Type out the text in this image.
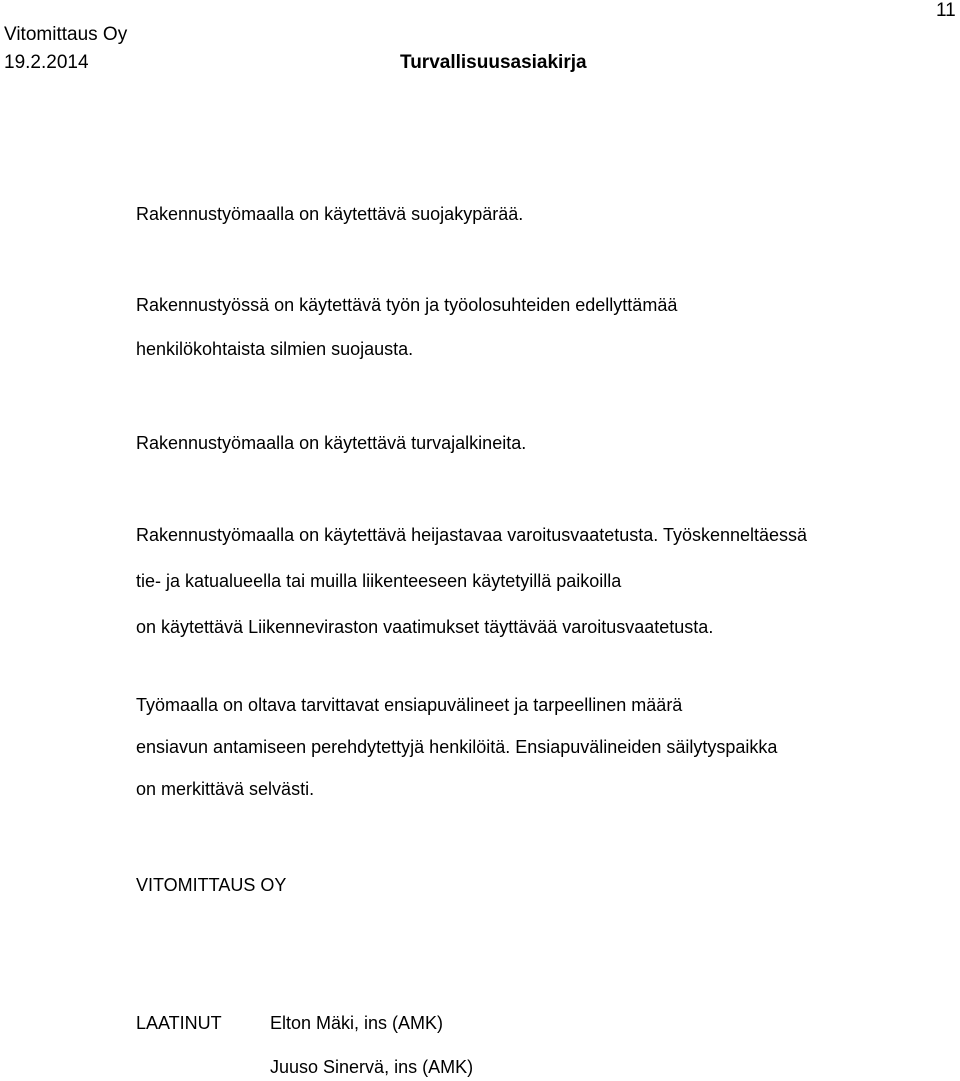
Vitomittaus Oy
19.2.2014	Turvallisuusasiakirja
11

Rakennustyömaalla on käytettävä suojakypärää.

Rakennustyössä on käytettävä työn ja työolosuhteiden edellyttämää
henkilökohtaista silmien suojausta.

Rakennustyömaalla on käytettävä turvajalkineita.

Rakennustyömaalla on käytettävä heijastavaa varoitusvaatetusta. Työskenneltäessä
tie- ja katualueella tai muilla liikenteeseen käytetyillä paikoilla
on käytettävä Liikenneviraston vaatimukset täyttävää varoitusvaatetusta.

Työmaalla on oltava tarvittavat ensiapuvälineet ja tarpeellinen määrä
ensiavun antamiseen perehdytettyjä henkilöitä. Ensiapuvälineiden säilytyspaikka
on merkittävä selvästi.

VITOMITTAUS OY
LAATINUT	Elton Mäki, ins (AMK)
Juuso Sinervä, ins (AMK)
